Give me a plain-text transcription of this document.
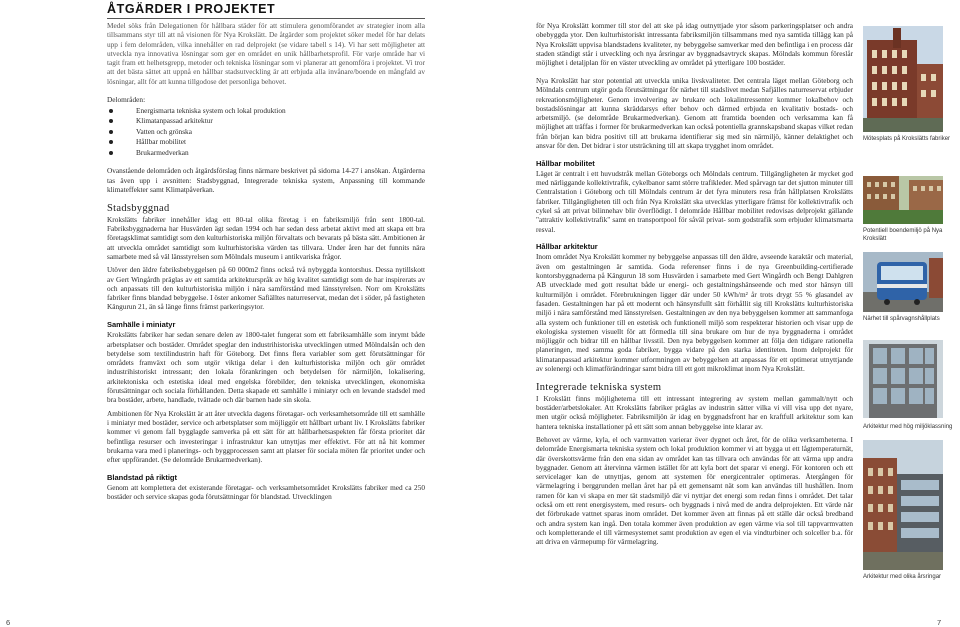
ÅTGÄRDER I PROJEKTET

Medel söks från Delegationen för hållbara städer för att stimulera genomförandet av strategier inom alla tillsammans styr till att nå visionen för Nya Krokslätt. De åtgärder som projektet söker medel för har delats upp i fem delområden, vilka innehåller en rad delprojekt (se vidare tabell s 14). Vi har sett möjligheter att utveckla nya innovativa lösningar som ger en området en unik hållbarhetsprofil. För varje område har vi tagit fram ett helhetsgrepp, metoder och tekniska lösningar som vi planerar att genomföra i projektet. Vi tror att det bästa sättet att uppnå en hållbar stadsutveckling är att erbjuda alla invånare/boende en mångfald av lösningar, allt för att kunna tillgodose det personliga behovet.

Delområden:

Energismarta tekniska system och lokal produktion
Klimatanpassad arkitektur
Vatten och grönska
Hållbar mobilitet
Brukarmedverkan

Ovanstående delområden och åtgärdsförslag finns närmare beskrivet på sidorna 14-27 i ansökan. Åtgärderna tas även upp i avsnitten: Stadsbyggnad, Integrerade tekniska system, Anpassning till kommande klimateffekter samt Klimatpåverkan.

Stadsbyggnad

Krokslätts fabriker innehåller idag ett 80-tal olika företag i en fabriksmiljö från sent 1800-tal. Fabriksbyggnaderna har Husvärden ägt sedan 1994 och har sedan dess arbetat aktivt med att skapa ett bra företagsklimat samtidigt som den kulturhistoriska miljön förvaltats och bevarats på bästa sätt. Ambitionen är att utveckla området samtidigt som kulturhistoriska värden tas tillvara. Under åren har det funnits nära samarbete med så väl länsstyrelsen som Mölndals museum i antikvariska frågor.

Utöver den äldre fabriksbebyggelsen på 60 000m2 finns också två nybyggda kontorshus. Dessa nytillskott av Gert Wingårdh präglas av ett samtida arkitekturspråk av hög kvalitet samtidigt som de har inspirerats av och anpassats till den kulturhistoriska miljön i nära samförstånd med länsstyrelsen. Norr om Krokslätts fabriker finns blandad bebyggelse. I öster ankomer Safiälltes naturreservat, medan det i söder, på fastigheten Kängurun 21, än så länge finns främst parkeringsytor.

Samhälle i miniatyr

Krokslätts fabriker har sedan senare delen av 1800-talet fungerat som ett fabriksamhälle som inrymt både arbetsplatser och bostäder. Området speglar den industrihistoriska utvecklingen utmed Mölndalsån och den betydelse som textilindustrin haft för Göteborg. Det finns flera variabler som gett förutsättningar för områdets framväxt och som utgör viktiga delar i den kulturhistoriska miljön och gör området industrihistoriskt intressant; den lokala förankringen och betydelsen för närmiljön, lokalisering, arkitektoniska och estetiska ideal med engelska förebilder, den tekniska utvecklingen, ekonomiska förutsättningar och sociala förhållanden. Detta skapade ett samhälle i miniatyr och en levande stadsdel med bra bostäder, arbete, handlade, tvättade och där barnen hade sin skola.

Ambitionen för Nya Krokslätt är att åter utveckla dagens företagar- och verksamhetsområde till ett samhälle i miniatyr med bostäder, service och arbetsplatser som möjliggör ett hållbart urbant liv. I Krokslätts fabriker kommer vi genom fall bygglagde samverka på ett sätt för att hållbarhetsaspekten får första prioritet där befintliga resurser och investeringar i infrastruktur kan utnyttjas mer effektivt. För att nå hit kommer brukarna vara med i planerings- och byggprocessen samt att platser för sociala möten får prioritet under och efter uppförandet. (Se delområde Brukarmedverkan).

Blandstad på riktigt

Genom att komplettera det existerande företagar- och verksamhetsområdet Krokslätts fabriker med ca 250 bostäder och service skapas goda förutsättningar för blandstad. Utvecklingen

för Nya Krokslätt kommer till stor del att ske på idag outnyttjade ytor såsom parkeringsplatser och andra obebyggda ytor. Den kulturhistoriskt intressanta fabriksmiljön tillsammans med nya samtida tillägg kan på Nya Krokslätt uppvisa blandstadens kvaliteter, ny bebyggelse samverkar med den befintliga i en process där staden ständigt står i utveckling och nya årsringar av byggnadsavtryck skapas. Mölndals kommun föreslår möjlighet i detaljplan för en väster utveckling av området på ytterligare 100 bostäder.

Nya Krokslätt har stor potential att utveckla unika livskvaliteter. Det centrala läget mellan Göteborg och Mölndals centrum utgör goda förutsättningar för närhet till stadslivet medan Safjälles naturreservat erbjuder rekreationsmöjligheter. Genom involvering av brukare och lokalintressenter kommer lokalbehov och bostadslösningar att kunna skräddarsys efter behov och därmed erbjuda en kvalitativ bostads- och arbetsmiljö. (se delområde Brukarmedverkan). Genom att framtida boenden och verksamma kan få möjlighet att träffas i former för brukarmedverkan kan också potentiella grannskapsband skapas vilket redan från början kan bidra positivt till att brukarna identifierar sig med sin närmiljö, känner delaktighet och ansvar för den. Det bidrar i stor utsträckning till att skapa trygghet inom området.

Hållbar mobilitet

Läget är centralt i ett huvudstråk mellan Göteborgs och Mölndals centrum. Tillgängligheten är mycket god med närliggande kollektivtrafik, cykelbanor samt större trafikleder. Med spårvagn tar det sjutton minuter till Centralstation i Göteborg och till Mölndals centrum är det fyra minuters resa från hållplatsen Krokslätts fabriker. Tillgängligheten till och från Nya Krokslätt ska utvecklas ytterligare främst för kollektivtrafik och cykel så att privat bilinnehav blir överflödigt. I delområde Hållbar mobilitet redovisas delprojekt gällande "attraktiv kollektivtrafik" samt en transportpool för såväl privat- som godstrafik som erbjuder klimatsmarta resval.

Hållbar arkitektur

Inom området Nya Krokslätt kommer ny bebyggelse anpassas till den äldre, avseende karaktär och material, även om gestaltningen är samtida. Goda referenser finns i de nya Greenbuilding-certifierade kontorsbyggnaderna på Kängurun 18 som Husvärden i samarbete med Gert Wingårdh och Bengt Dahlgren AB utvecklade med gott resultat både ur energi- och gestaltningshänseende och med stor hänsyn till kulturmiljön i området. Förebrukningen ligger där under 50 kWh/m² år trots drygt 55 % glasandel av fasaden. Gestaltningen har på ett modernt och hänsynsfullt sätt förhållit sig till Krokslätts kulturhistoriska miljö i nära samförstånd med länsstyrelsen. Gestaltningen av den nya bebyggelsen kommer att sammanfoga alla system och funktioner till en estetisk och funktionell miljö som respekterar historien och visar upp de ekologiska systemen visuellt för att förmedla till sina brukare om hur de nya byggnaderna i området möjliggör och bidrar till en hållbar livsstil. Den nya bebyggelsen kommer att följa den tidigare rationella planeringen, med samma goda fabriker, bygga vidare på den starka identiteten. Inom delprojekt för klimatanpassad arkitektur kommer utformningen av bebyggelsen att anpassas för ett optimerat utnyttjande av solenergi och klimatförändringar samt bidra till ett gott mikroklimat inom Nya Krokslätt.

Integrerade tekniska system

I Krokslätt finns möjligheterna till ett intressant integrering av system mellan gammalt/nytt och bostäder/arbetslokaler. Att Krokslätts fabriker präglas av industrin sätter vilka vi vill visa upp det nyare, men utgör också möjligheter. Fabriksmiljön är idag en byggnadsfront har en kraftfull arkitektur som kan hantera tekniska installationer på ett sätt som annan bebyggelse inte klarar av.

Behovet av värme, kyla, el och varmvatten varierar över dygnet och året, för de olika verksamheterna. I delområde Energismarta tekniska system och lokal produktion kommer vi att bygga ut ett lågtemperaturnät, där överskottsvärme från den ena sidan av området kan tas tillvara och användas för att värma upp andra byggnader. Genom att återvinna värmen istället för att kyla bort det sparar vi energi. För kontoren och ett servicelager kan de utnyttjas, genom att systemen för energicentraler optimeras. Återgången för värmelagring i berggrunden mellan året har på ett gemensamt nät som kan användas till hushållen. Inom ramen för kan vi skapa en mer tät stadsmiljö där vi nyttjar det energi som redan finns i området. Det talar också om ett rent energisystem, med resurs- och byggnads i nivå med de andra delprojekten. Ett värde när det förbrukade vattnet sparas inom området. Det kommer även att finnas på ett ställe där också bredband och andra system kan ingå. Den totala kommer även produktion av egen värme via sol till tappvarmvatten och kompletterande el till värmesystemet samt produktion av egen el via vindturbiner och solceller b.a. för att driva en värmepump för värmelagring.

Mötesplats på Krokslätts fabriker
Potentiell boendemiljö på Nya Krokslätt
Närhet till spårvagnshållplats
Arkitektur med hög miljöklassning
Arkitektur med olika årsringar
6	7
